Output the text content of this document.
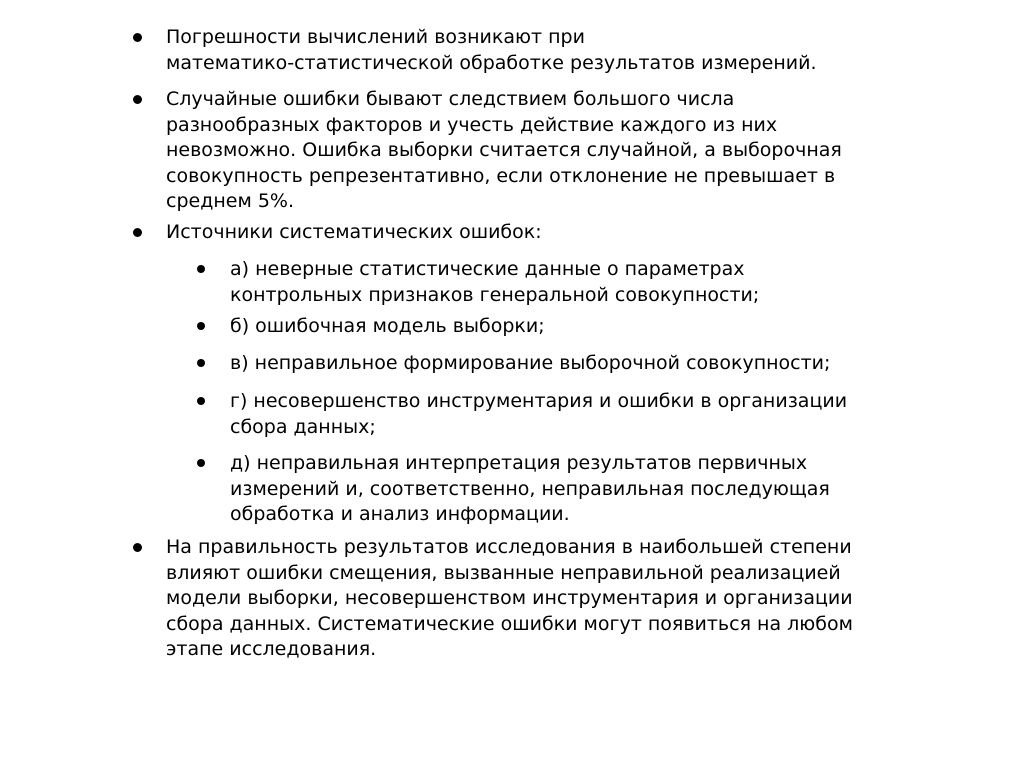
Погрешности вычислений возникают при
математико-статистической обработке результатов измерений.
Случайные ошибки бывают следствием большого числа
разнообразных факторов и учесть действие каждого из них
невозможно. Ошибка выборки считается случайной, а выборочная
совокупность репрезентативно, если отклонение не превышает в
среднем 5%.
Источники систематических ошибок:
а) неверные статистические данные о параметрах
контрольных признаков генеральной совокупности;
б) ошибочная модель выборки;
в) неправильное формирование выборочной совокупности;
г) несовершенство инструментария и ошибки в организации
сбора данных;
д) неправильная интерпретация результатов первичных
измерений и, соответственно, неправильная последующая
обработка и анализ информации.
На правильность результатов исследования в наибольшей степени
влияют ошибки смещения, вызванные неправильной реализацией
модели выборки, несовершенством инструментария и организации
сбора данных. Систематические ошибки могут появиться на любом
этапе исследования.
